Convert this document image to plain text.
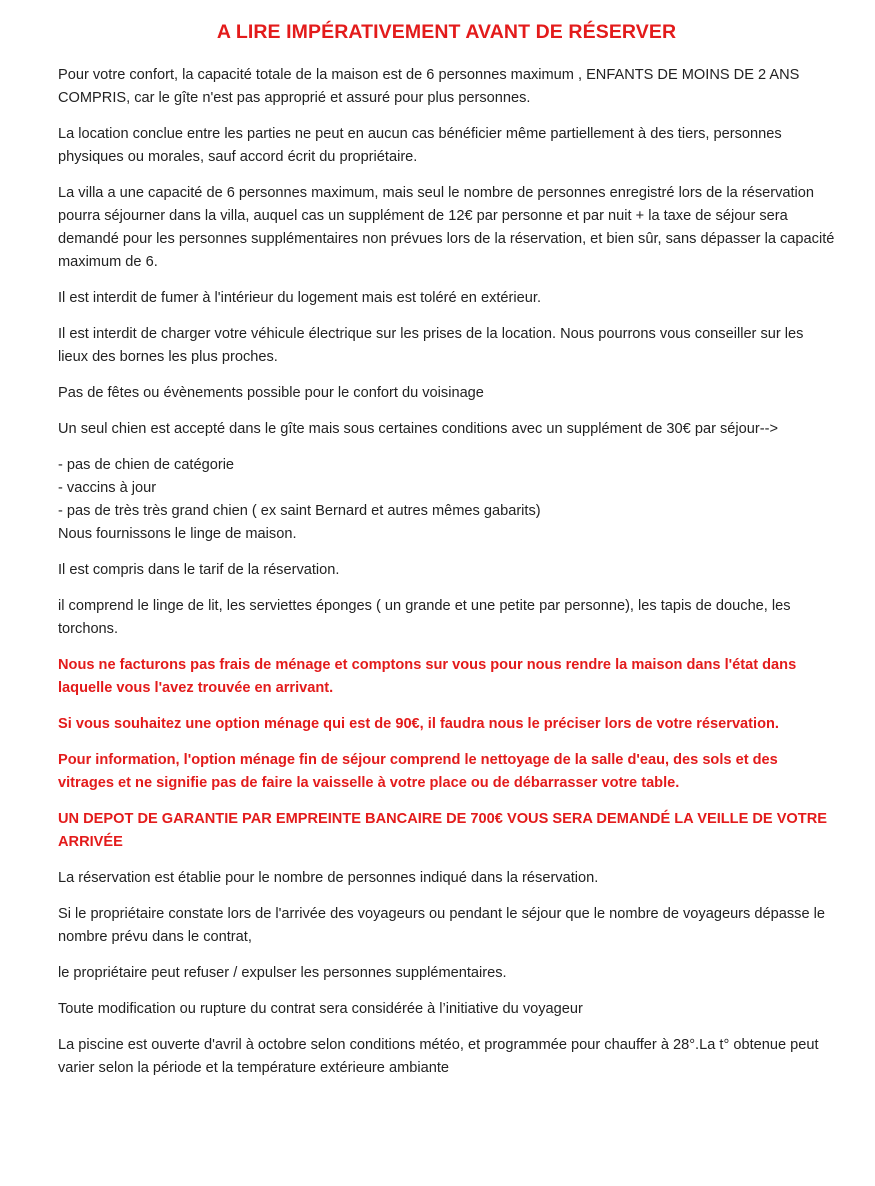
A LIRE IMPÉRATIVEMENT AVANT DE RÉSERVER

Pour votre confort, la capacité totale de la maison est de 6 personnes maximum , ENFANTS DE MOINS DE 2 ANS COMPRIS, car le gîte n'est pas approprié et assuré pour plus personnes.

La location conclue entre les parties ne peut en aucun cas bénéficier même partiellement à des tiers, personnes physiques ou morales, sauf accord écrit du propriétaire.

La villa a une capacité de 6 personnes maximum, mais seul le nombre de personnes enregistré lors de la réservation pourra séjourner dans la villa, auquel cas un supplément de 12€ par personne et par nuit + la taxe de séjour sera demandé pour les personnes supplémentaires non prévues lors de la réservation, et bien sûr, sans dépasser la capacité maximum de 6.

Il est interdit de fumer à l'intérieur du logement mais est toléré en extérieur.

Il est interdit de charger votre véhicule électrique sur les prises de la location. Nous pourrons vous conseiller sur les lieux des bornes les plus proches.

Pas de fêtes ou évènements possible pour le confort du voisinage

Un seul chien est accepté dans le gîte mais sous certaines conditions avec un supplément de 30€ par séjour-->

- pas de chien de catégorie
- vaccins à jour
- pas de très très grand chien ( ex saint Bernard et autres mêmes gabarits)

Nous fournissons le linge de maison.

Il est compris dans le tarif de la réservation.

il comprend le linge de lit, les serviettes éponges ( un grande et une petite par personne), les tapis de douche, les torchons.

Nous ne facturons pas frais de ménage et comptons sur vous pour nous rendre la maison dans l'état dans laquelle vous l'avez trouvée en arrivant.

Si vous souhaitez une option ménage qui est de 90€, il faudra nous le préciser lors de votre réservation.

Pour information, l'option ménage fin de séjour comprend le nettoyage de la salle d'eau, des sols et des vitrages et ne signifie pas de faire la vaisselle à votre place ou de débarrasser votre table.

UN DEPOT DE GARANTIE PAR EMPREINTE BANCAIRE DE 700€ VOUS SERA DEMANDÉ LA VEILLE DE VOTRE ARRIVÉE

La réservation est établie pour le nombre de personnes indiqué dans la réservation.

Si le propriétaire constate lors de l'arrivée des voyageurs ou pendant le séjour que le nombre de voyageurs dépasse le nombre prévu dans le contrat,

le propriétaire peut refuser / expulser les personnes supplémentaires.

Toute modification ou rupture du contrat sera considérée à l’initiative du voyageur

La piscine est ouverte d'avril à octobre selon conditions météo, et programmée pour chauffer à 28°.La t° obtenue peut varier selon la période et la température extérieure ambiante
